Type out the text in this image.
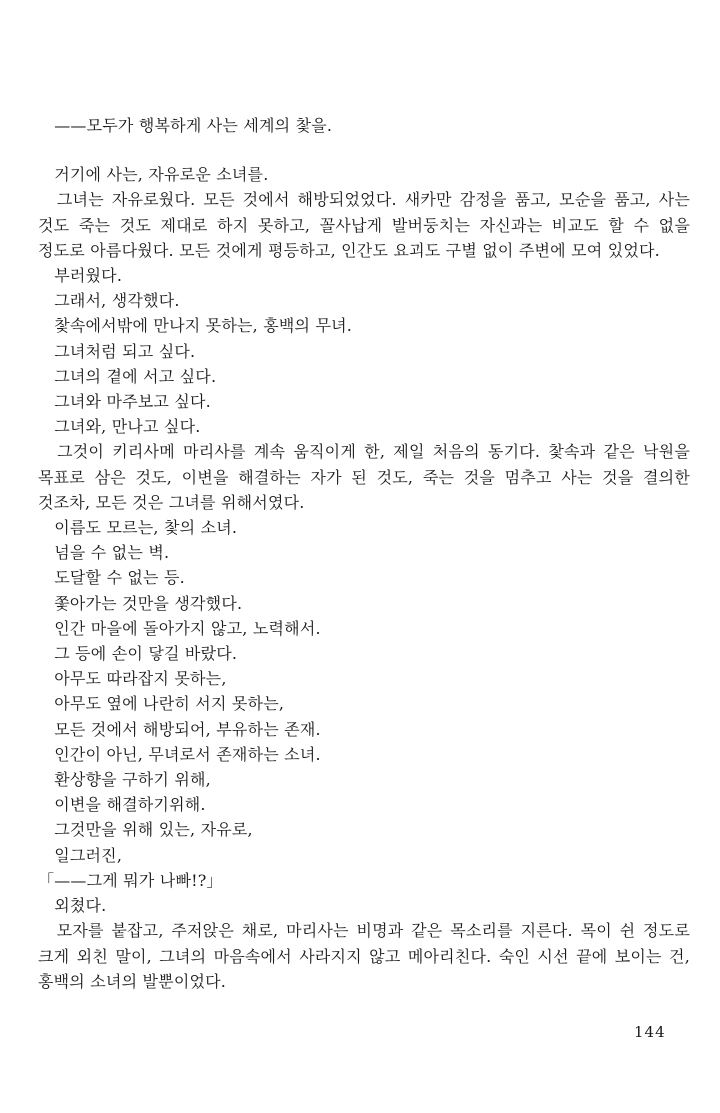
　——모두가 행복하게 사는 세계의 찿을.

　거기에 사는, 자유로운 소녀를.

　그녀는 자유로웠다. 모든 것에서 해방되었었다. 새카만 감정을 품고, 모순을 품고, 사는 것도 죽는 것도 제대로 하지 못하고, 꼴사납게 발버둥치는 자신과는 비교도 할 수 없을 정도로 아름다웠다. 모든 것에게 평등하고, 인간도 요괴도 구별 없이 주변에 모여 있었다.

　부러웠다.

　그래서, 생각했다.

　찿속에서밖에 만나지 못하는, 홍백의 무녀.

　그녀처럼 되고 싶다.

　그녀의 곁에 서고 싶다.

　그녀와 마주보고 싶다.

　그녀와, 만나고 싶다.

　그것이 키리사메 마리사를 계속 움직이게 한, 제일 처음의 동기다. 찿속과 같은 낙원을 목표로 삼은 것도, 이변을 해결하는 자가 된 것도, 죽는 것을 멈추고 사는 것을 결의한 것조차, 모든 것은 그녀를 위해서였다.

　이름도 모르는, 찿의 소녀.

　넘을 수 없는 벽.

　도달할 수 없는 등.

　쫓아가는 것만을 생각했다.

　인간 마을에 돌아가지 않고, 노력해서.

　그 등에 손이 닿길 바랐다.

　아무도 따라잡지 못하는,

　아무도 옆에 나란히 서지 못하는,

　모든 것에서 해방되어, 부유하는 존재.

　인간이 아닌, 무녀로서 존재하는 소녀.

　환상향을 구하기 위해,

　이변을 해결하기위해.

　그것만을 위해 있는, 자유로,

　일그러진,

「——그게 뭐가 나빠!?」

　외쳤다.

　모자를 붙잡고, 주저앉은 채로, 마리사는 비명과 같은 목소리를 지른다. 목이 쉰 정도로 크게 외친 말이, 그녀의 마음속에서 사라지지 않고 메아리친다. 숙인 시선 끝에 보이는 건, 홍백의 소녀의 발뿐이었다.

144
